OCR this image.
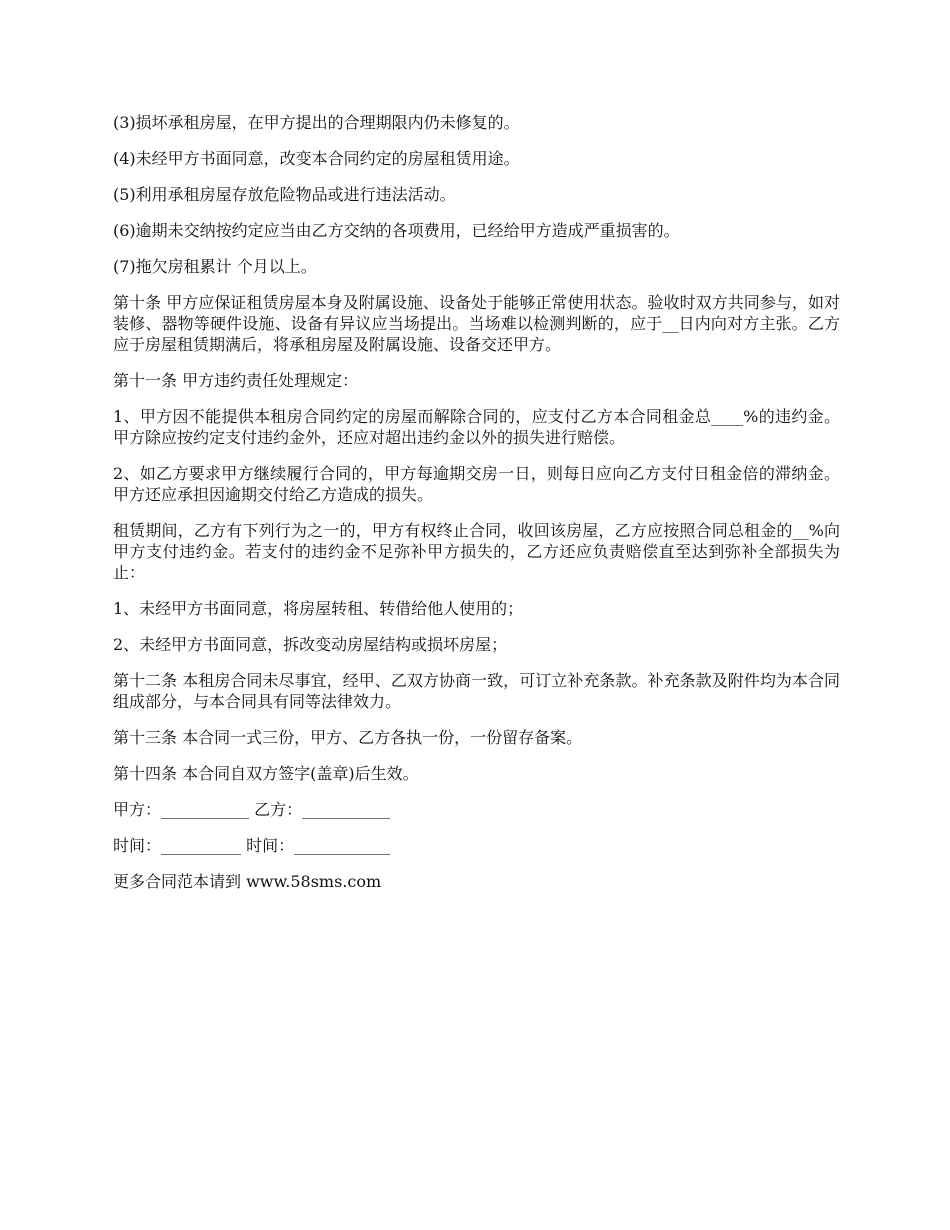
(3)损坏承租房屋，在甲方提出的合理期限内仍未修复的。

(4)未经甲方书面同意，改变本合同约定的房屋租赁用途。

(5)利用承租房屋存放危险物品或进行违法活动。

(6)逾期未交纳按约定应当由乙方交纳的各项费用，已经给甲方造成严重损害的。

(7)拖欠房租累计 个月以上。

第十条 甲方应保证租赁房屋本身及附属设施、设备处于能够正常使用状态。验收时双方共同参与，如对装修、器物等硬件设施、设备有异议应当场提出。当场难以检测判断的，应于__日内向对方主张。乙方应于房屋租赁期满后，将承租房屋及附属设施、设备交还甲方。

第十一条 甲方违约责任处理规定：

1、甲方因不能提供本租房合同约定的房屋而解除合同的，应支付乙方本合同租金总____%的违约金。甲方除应按约定支付违约金外，还应对超出违约金以外的损失进行赔偿。

2、如乙方要求甲方继续履行合同的，甲方每逾期交房一日，则每日应向乙方支付日租金倍的滞纳金。甲方还应承担因逾期交付给乙方造成的损失。

租赁期间，乙方有下列行为之一的，甲方有权终止合同，收回该房屋，乙方应按照合同总租金的__%向甲方支付违约金。若支付的违约金不足弥补甲方损失的，乙方还应负责赔偿直至达到弥补全部损失为止：

1、未经甲方书面同意，将房屋转租、转借给他人使用的；

2、未经甲方书面同意，拆改变动房屋结构或损坏房屋；

第十二条 本租房合同未尽事宜，经甲、乙双方协商一致，可订立补充条款。补充条款及附件均为本合同组成部分，与本合同具有同等法律效力。

第十三条 本合同一式三份，甲方、乙方各执一份，一份留存备案。

第十四条 本合同自双方签字(盖章)后生效。

甲方：___________ 乙方：___________

时间：__________ 时间：____________

更多合同范本请到 www.58sms.com
